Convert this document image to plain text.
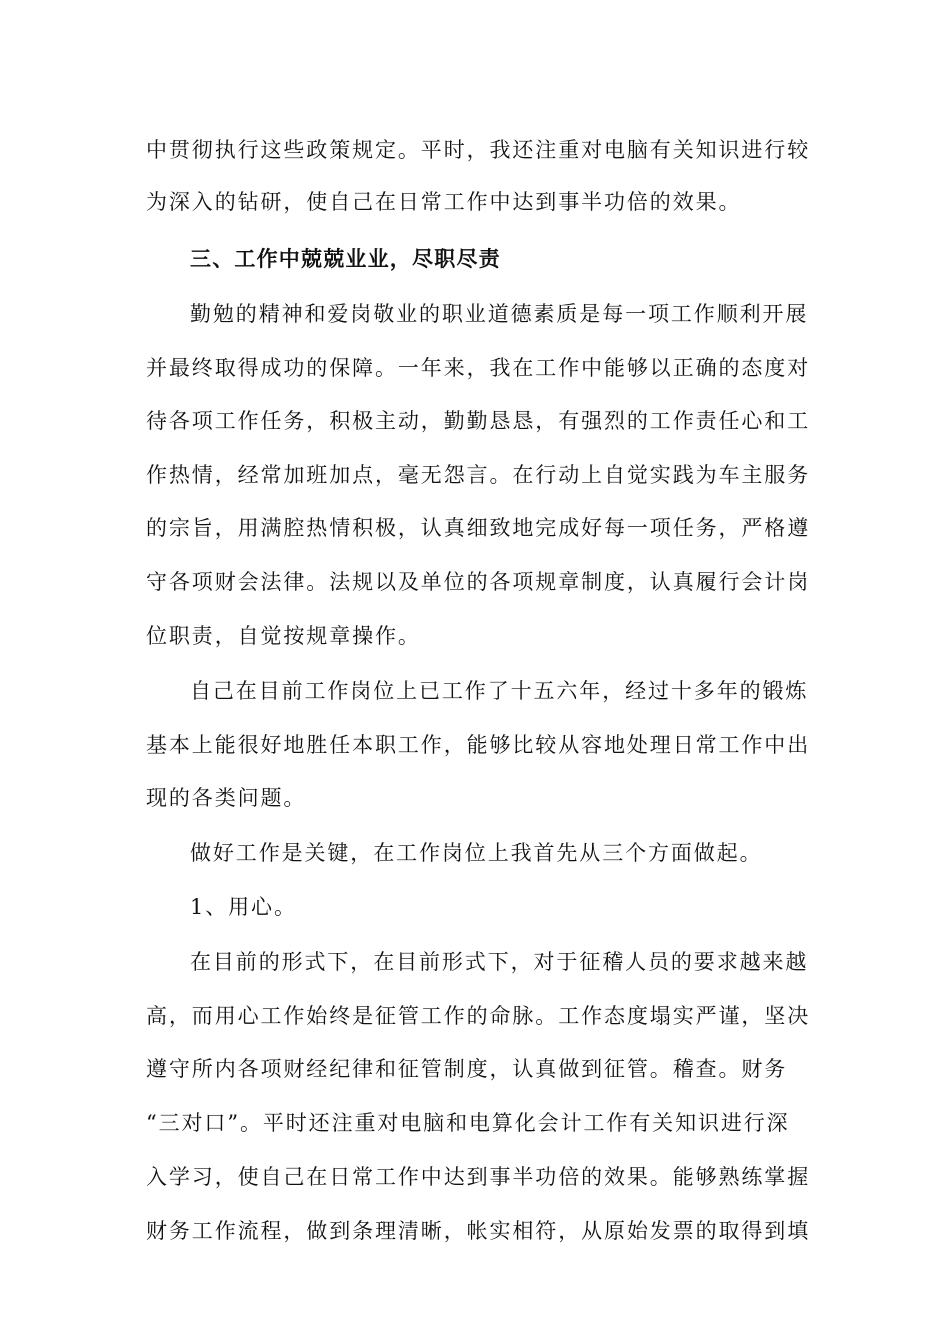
中贯彻执行这些政策规定。平时，我还注重对电脑有关知识进行较
为深入的钻研，使自己在日常工作中达到事半功倍的效果。
三、工作中兢兢业业，尽职尽责
勤勉的精神和爱岗敬业的职业道德素质是每一项工作顺利开展
并最终取得成功的保障。一年来，我在工作中能够以正确的态度对
待各项工作任务，积极主动，勤勤恳恳，有强烈的工作责任心和工
作热情，经常加班加点，毫无怨言。在行动上自觉实践为车主服务
的宗旨，用满腔热情积极，认真细致地完成好每一项任务，严格遵
守各项财会法律。法规以及单位的各项规章制度，认真履行会计岗
位职责，自觉按规章操作。
自己在目前工作岗位上已工作了十五六年，经过十多年的锻炼
基本上能很好地胜任本职工作，能够比较从容地处理日常工作中出
现的各类问题。
做好工作是关键，在工作岗位上我首先从三个方面做起。
1、用心。
在目前的形式下，在目前形式下，对于征稽人员的要求越来越
高，而用心工作始终是征管工作的命脉。工作态度塌实严谨，坚决
遵守所内各项财经纪律和征管制度，认真做到征管。稽查。财务
“三对口”。平时还注重对电脑和电算化会计工作有关知识进行深
入学习，使自己在日常工作中达到事半功倍的效果。能够熟练掌握
财务工作流程，做到条理清晰，帐实相符，从原始发票的取得到填
